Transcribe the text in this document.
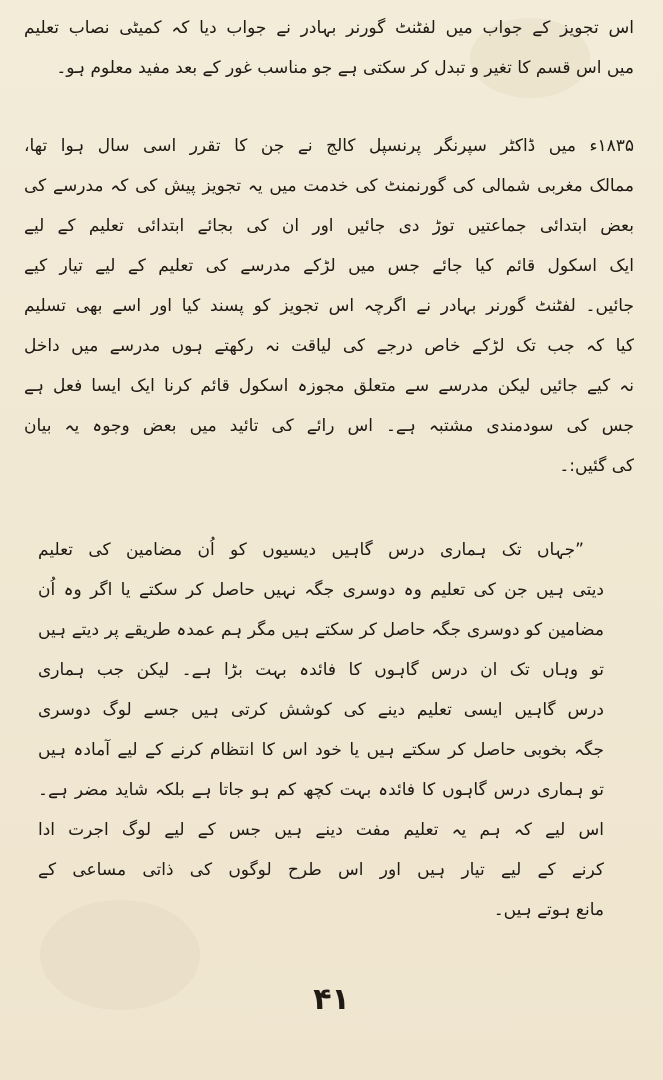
اس تجویز کے جواب میں لفٹنٹ گورنر بہادر نے جواب دیا کہ کمیٹی نصاب تعلیم
میں اس قسم کا تغیر و تبدل کر سکتی ہے جو مناسب غور کے بعد مفید معلوم ہو۔
۱۸۳۵ء میں ڈاکٹر سپرنگر پرنسپل کالج نے جن کا تقرر اسی سال ہوا تھا،
ممالک مغربی شمالی کی گورنمنٹ کی خدمت میں یہ تجویز پیش کی کہ مدرسے کی
بعض ابتدائی جماعتیں توڑ دی جائیں اور ان کی بجائے ابتدائی تعلیم کے لیے
ایک اسکول قائم کیا جائے جس میں لڑکے مدرسے کی تعلیم کے لیے تیار کیے
جائیں۔ لفٹنٹ گورنر بہادر نے اگرچہ اس تجویز کو پسند کیا اور اسے بھی تسلیم
کیا کہ جب تک لڑکے خاص درجے کی لیاقت نہ رکھتے ہوں مدرسے میں داخل
نہ کیے جائیں لیکن مدرسے سے متعلق مجوزہ اسکول قائم کرنا ایک ایسا فعل ہے
جس کی سودمندی مشتبہ ہے۔ اس رائے کی تائید میں بعض وجوہ یہ بیان
کی گئیں:۔
”جہاں تک ہماری درس گاہیں دیسیوں کو اُن مضامین کی تعلیم
دیتی ہیں جن کی تعلیم وہ دوسری جگہ نہیں حاصل کر سکتے یا اگر وہ اُن
مضامین کو دوسری جگہ حاصل کر سکتے ہیں مگر ہم عمدہ طریقے پر دیتے ہیں
تو وہاں تک ان درس گاہوں کا فائدہ بہت بڑا ہے۔ لیکن جب ہماری
درس گاہیں ایسی تعلیم دینے کی کوشش کرتی ہیں جسے لوگ دوسری
جگہ بخوبی حاصل کر سکتے ہیں یا خود اس کا انتظام کرنے کے لیے آمادہ ہیں
تو ہماری درس گاہوں کا فائدہ بہت کچھ کم ہو جاتا ہے بلکہ شاید مضر ہے۔
اس لیے کہ ہم یہ تعلیم مفت دینے ہیں جس کے لیے لوگ اجرت ادا
کرنے کے لیے تیار ہیں اور اس طرح لوگوں کی ذاتی مساعی کے
مانع ہوتے ہیں۔
۴۱
